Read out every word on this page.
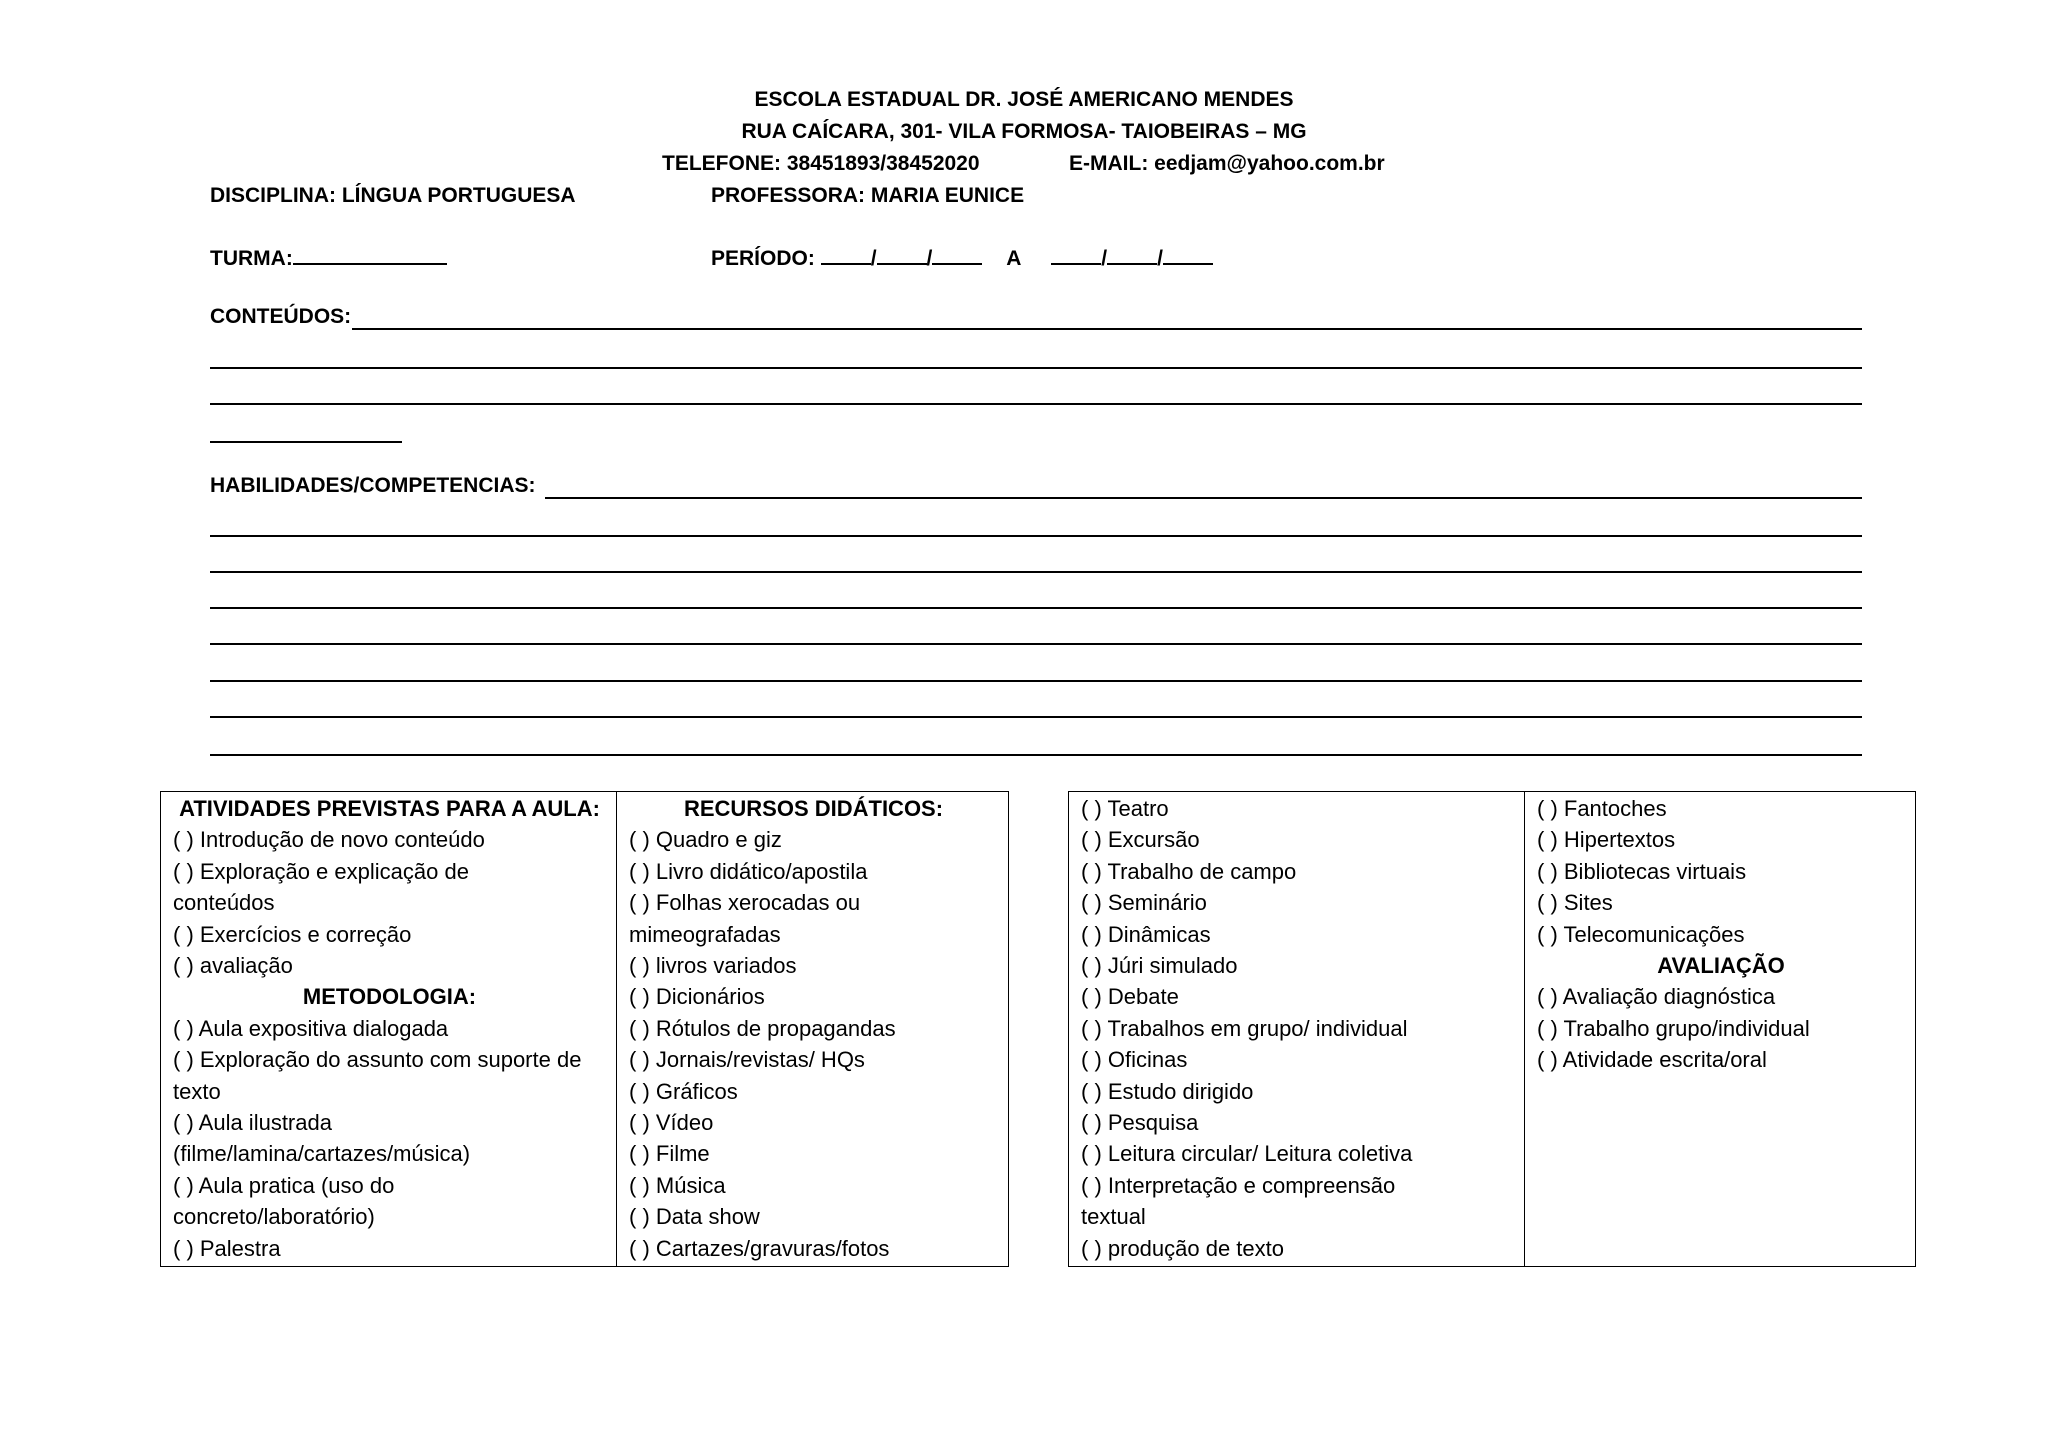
ESCOLA ESTADUAL DR. JOSÉ AMERICANO MENDES
RUA CAÍCARA, 301- VILA FORMOSA- TAIOBEIRAS – MG
TELEFONE: 38451893/38452020	E-MAIL: eedjam@yahoo.com.br
DISCIPLINA: LÍNGUA PORTUGUESA	PROFESSORA: MARIA EUNICE
TURMA:	PERÍODO:	/ /	A	/ /
CONTEÚDOS:
HABILIDADES/COMPETENCIAS:
ATIVIDADES PREVISTAS PARA A AULA:
( ) Introdução de novo conteúdo
( ) Exploração e explicação de conteúdos
( ) Exercícios e correção
( ) avaliação
METODOLOGIA:
( ) Aula expositiva dialogada
( ) Exploração do assunto com suporte de texto
( ) Aula ilustrada (filme/lamina/cartazes/música)
( ) Aula pratica (uso do concreto/laboratório)
( ) Palestra
RECURSOS DIDÁTICOS:
( ) Quadro e giz
( ) Livro didático/apostila
( ) Folhas xerocadas ou mimeografadas
( ) livros variados
( ) Dicionários
( ) Rótulos de propagandas
( ) Jornais/revistas/ HQs
( ) Gráficos
( ) Vídeo
( ) Filme
( ) Música
( ) Data show
( ) Cartazes/gravuras/fotos
( ) Teatro
( ) Excursão
( ) Trabalho de campo
( ) Seminário
( ) Dinâmicas
( ) Júri simulado
( ) Debate
( ) Trabalhos em grupo/ individual
( ) Oficinas
( ) Estudo dirigido
( ) Pesquisa
( ) Leitura circular/ Leitura coletiva
( ) Interpretação e compreensão textual
( ) produção de texto
( ) Fantoches
( ) Hipertextos
( ) Bibliotecas virtuais
( ) Sites
( ) Telecomunicações
AVALIAÇÃO
( ) Avaliação diagnóstica
( ) Trabalho grupo/individual
( ) Atividade escrita/oral
